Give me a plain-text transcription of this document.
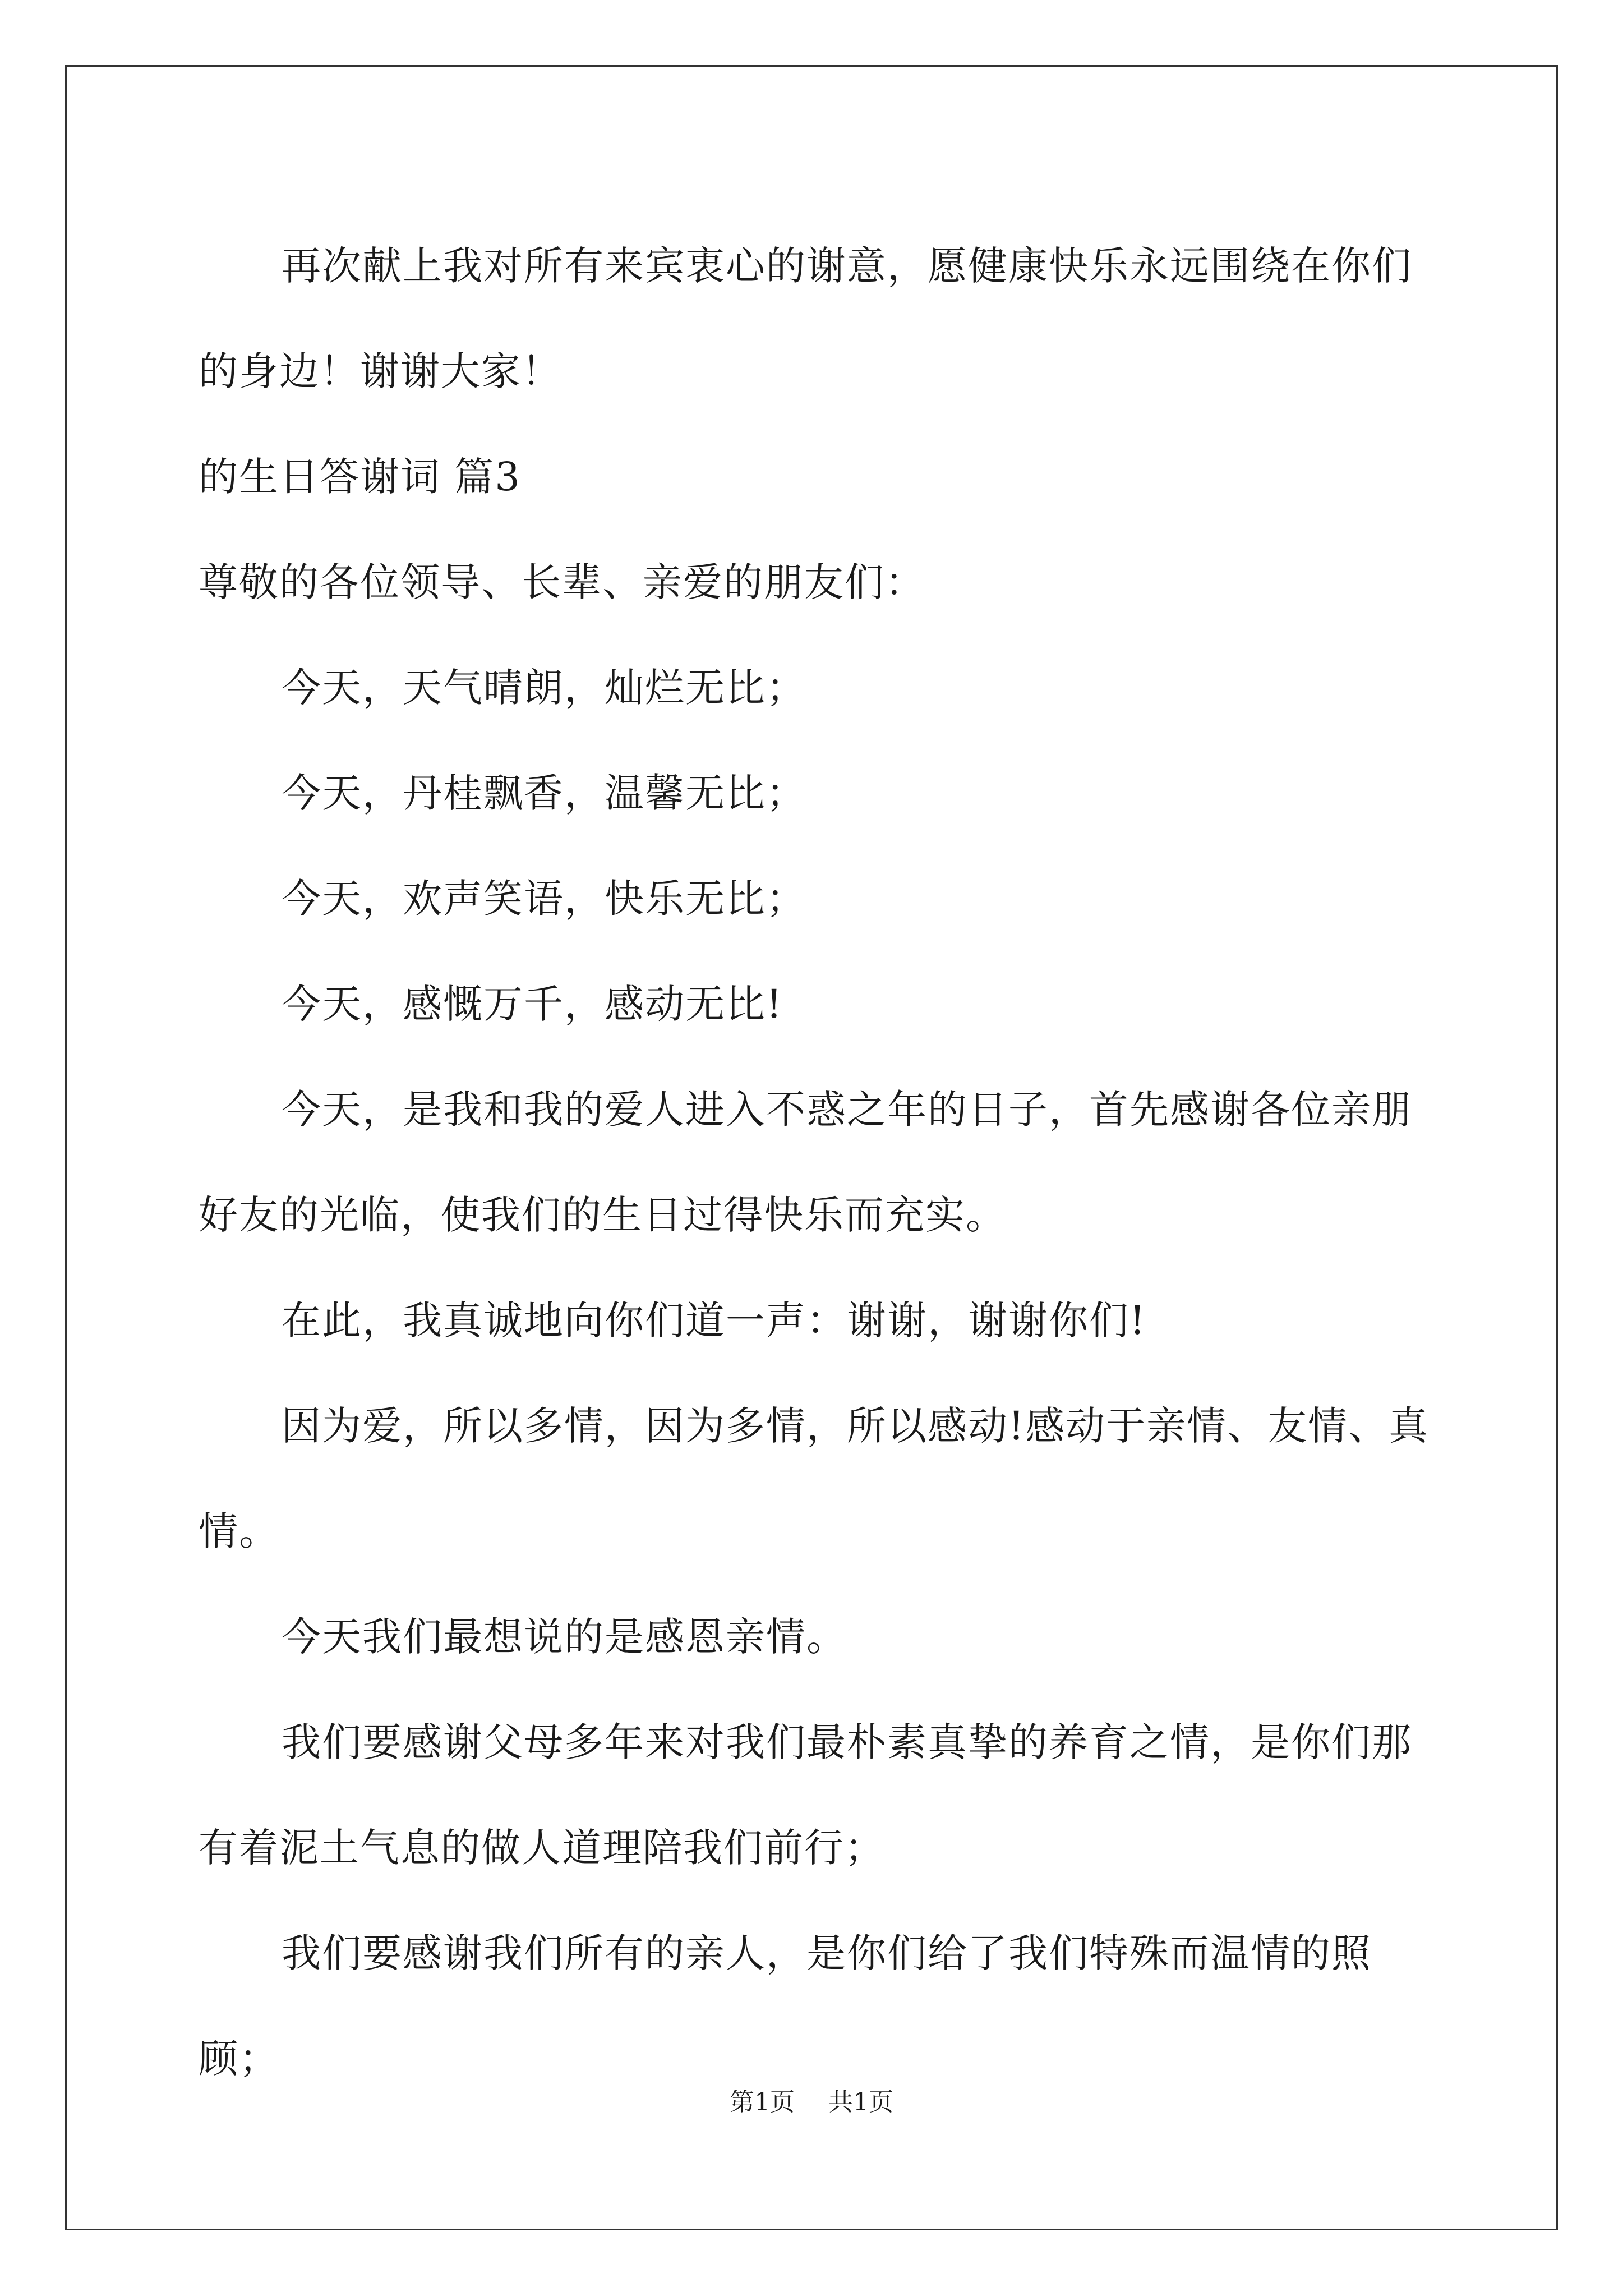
再次献上我对所有来宾衷心的谢意，愿健康快乐永远围绕在你们的身边！谢谢大家！

的生日答谢词 篇3

尊敬的各位领导、长辈、亲爱的朋友们：

今天，天气晴朗，灿烂无比；

今天，丹桂飘香，温馨无比；

今天，欢声笑语，快乐无比；

今天，感慨万千，感动无比!

今天，是我和我的爱人进入不惑之年的日子，首先感谢各位亲朋好友的光临，使我们的生日过得快乐而充实。

在此，我真诚地向你们道一声：谢谢，谢谢你们!

因为爱，所以多情，因为多情，所以感动!感动于亲情、友情、真情。

今天我们最想说的是感恩亲情。

我们要感谢父母多年来对我们最朴素真挚的养育之情，是你们那有着泥土气息的做人道理陪我们前行；

我们要感谢我们所有的亲人，是你们给了我们特殊而温情的照顾；

第1页 共1页
